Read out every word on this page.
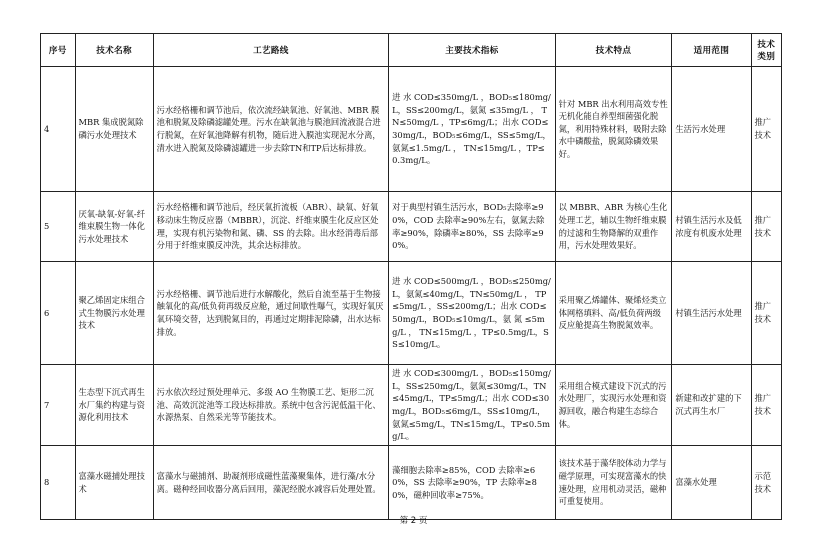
序号	技术名称	工艺路线	主要技术指标	技术特点	适用范围	技术类别
4	MBR 集成脱氮除磷污水处理技术	污水经格栅和调节池后，依次流经缺氧池、好氧池、MBR 膜池和脱氮及除磷滤罐处理。污水在缺氧池与膜池回流液混合进行脱氮，在好氧池降解有机物，随后进入膜池实现泥水分离，清水进入脱氮及除磷滤罐进一步去除TN和TP后达标排放。	进 水 COD≤350mg/L ，BOD₅≤180mg/L，SS≤200mg/L，氨氮 ≤35mg/L ， TN≤50mg/L ，TP≤6mg/L；出水 COD≤30mg/L，BOD₅≤6mg/L，SS≤5mg/L，氨氮≤1.5mg/L ， TN≤15mg/L ，TP≤0.3mg/L。	针对 MBR 出水利用高效专性无机化能自养型细菌强化脱氮，利用特殊材料，吸附去除水中磷酸盐，脱氮除磷效果好。	生活污水处理	推广技术
5	厌氧-缺氧-好氧-纤维束膜生物一体化污水处理技术	污水经格栅和调节池后，经厌氧折流板（ABR）、缺氧、好氧移动床生物反应器（MBBR），沉淀、纤维束膜生化反应区处理，实现有机污染物和氮、磷、SS 的去除。出水经消毒后部分用于纤维束膜反冲洗，其余达标排放。	对于典型村镇生活污水，BOD₅去除率≥90%，COD 去除率≥90%左右，氨氮去除率≥90%，除磷率≥80%，SS 去除率≥90%。	以 MBBR、ABR 为核心生化处理工艺，辅以生物纤维束膜的过滤和生物降解的双重作用，污水处理效果好。	村镇生活污水及低浓度有机废水处理	推广技术
6	聚乙烯固定床组合式生物膜污水处理技术	污水经格栅、调节池后进行水解酸化，然后自流至基于生物接触氧化的高/低负荷再级反应舱，通过间歇性曝气，实现好氧厌氧环境交替，达到脱氮目的，再通过定期排泥除磷，出水达标排放。	进 水 COD≤500mg/L ，BOD₅≤250mg/L，氨氮≤40mg/L，TN≤50mg/L ， TP≤5mg/L ，SS≤200mg/L；出水 COD≤50mg/L，BOD₅≤10mg/L，氨 氮 ≤5mg/L ， TN≤15mg/L ，TP≤0.5mg/L，SS≤10mg/L。	采用聚乙烯罐体、聚烯烃类立体网格填料、高/低负荷两级反应舱提高生物脱氮效率。	村镇生活污水处理	推广技术
7	生态型下沉式再生水厂集约构建与资源化利用技术	污水依次经过预处理单元、多级 AO 生物膜工艺、矩形二沉池、高效沉淀池等工段达标排放。系统中包含污泥低温干化、水源热泵、自然采光等节能技术。	进 水 COD≤300mg/L ，BOD₅≤150mg/L，SS≤250mg/L，氨氮≤30mg/L，TN≤45mg/L，TP≤5mg/L；出水 COD≤30mg/L，BOD₅≤6mg/L，SS≤10mg/L，氨氮≤5mg/L，TN≤15mg/L，TP≤0.5mg/L。	采用组合模式建设下沉式的污水处理厂，实现污水处理和资源回收，融合构建生态综合体。	新建和改扩建的下沉式再生水厂	推广技术
8	富藻水磁捕处理技术	富藻水与磁捕剂、助凝剂形成磁性蓝藻聚集体，进行藻/水分离。磁种经回收器分离后回用，藻泥经脱水减容后处理处置。	藻细胞去除率≥85%，COD 去除率≥60%，SS 去除率≥90%，TP 去除率≥80%，磁种回收率≥75%。	该技术基于藻华胶体动力学与磁学原理，可实现富藻水的快速处理，应用机动灵活，磁种可重复使用。	富藻水处理	示范技术
第 2 页
